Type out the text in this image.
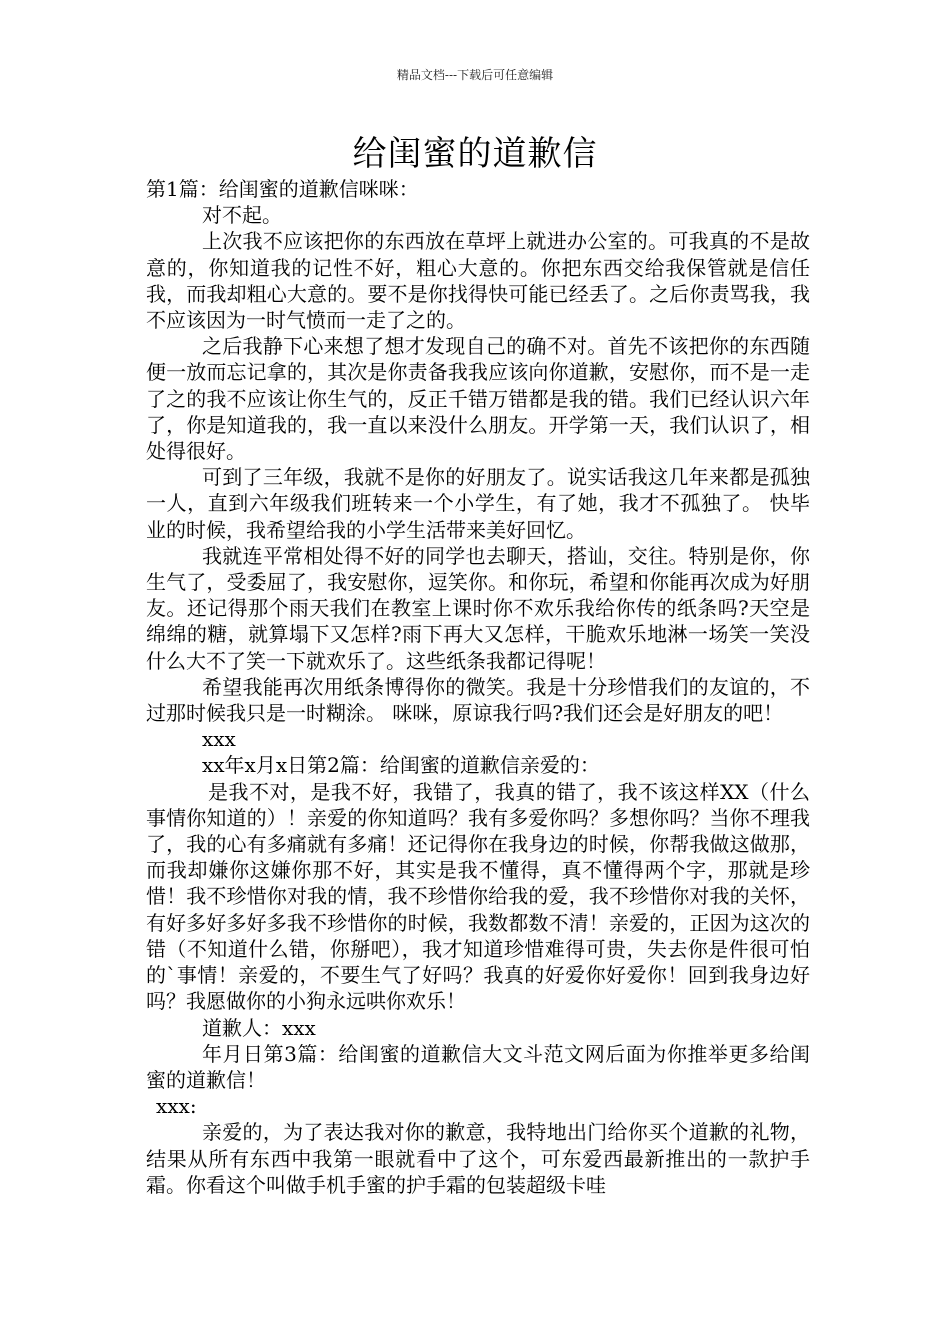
精品文档---下载后可任意编辑
给闺蜜的道歉信

第1篇：给闺蜜的道歉信咪咪：

对不起。

上次我不应该把你的东西放在草坪上就进办公室的。可我真的不是故意的，你知道我的记性不好，粗心大意的。你把东西交给我保管就是信任我，而我却粗心大意的。要不是你找得快可能已经丢了。之后你责骂我，我不应该因为一时气愤而一走了之的。

之后我静下心来想了想才发现自己的确不对。首先不该把你的东西随便一放而忘记拿的，其次是你责备我我应该向你道歉，安慰你，而不是一走了之的我不应该让你生气的，反正千错万错都是我的错。我们已经认识六年了，你是知道我的，我一直以来没什么朋友。开学第一天，我们认识了，相处得很好。

可到了三年级，我就不是你的好朋友了。说实话我这几年来都是孤独一人，直到六年级我们班转来一个小学生，有了她，我才不孤独了。 快毕业的时候，我希望给我的小学生活带来美好回忆。

我就连平常相处得不好的同学也去聊天，搭讪，交往。特别是你，你生气了，受委屈了，我安慰你，逗笑你。和你玩，希望和你能再次成为好朋友。还记得那个雨天我们在教室上课时你不欢乐我给你传的纸条吗?天空是绵绵的糖，就算塌下又怎样?雨下再大又怎样，干脆欢乐地淋一场笑一笑没什么大不了笑一下就欢乐了。这些纸条我都记得呢！

希望我能再次用纸条博得你的微笑。我是十分珍惜我们的友谊的，不过那时候我只是一时糊涂。 咪咪，原谅我行吗?我们还会是好朋友的吧！

xxx

xx年x月x日第2篇：给闺蜜的道歉信亲爱的：

是我不对，是我不好，我错了，我真的错了，我不该这样XX（什么事情你知道的）！亲爱的你知道吗？我有多爱你吗？多想你吗？当你不理我了，我的心有多痛就有多痛！还记得你在我身边的时候，你帮我做这做那，而我却嫌你这嫌你那不好，其实是我不懂得，真不懂得两个字，那就是珍惜！我不珍惜你对我的情，我不珍惜你给我的爱，我不珍惜你对我的关怀，有好多好多好多我不珍惜你的时候，我数都数不清！亲爱的，正因为这次的错（不知道什么错，你掰吧），我才知道珍惜难得可贵，失去你是件很可怕的`事情！亲爱的，不要生气了好吗？我真的好爱你好爱你！回到我身边好吗？我愿做你的小狗永远哄你欢乐！

道歉人：xxx

年月日第3篇：给闺蜜的道歉信大文斗范文网后面为你推举更多给闺蜜的道歉信！

xxx:

亲爱的，为了表达我对你的歉意，我特地出门给你买个道歉的礼物，结果从所有东西中我第一眼就看中了这个，可东爱西最新推出的一款护手霜。你看这个叫做手机手蜜的护手霜的包装超级卡哇
